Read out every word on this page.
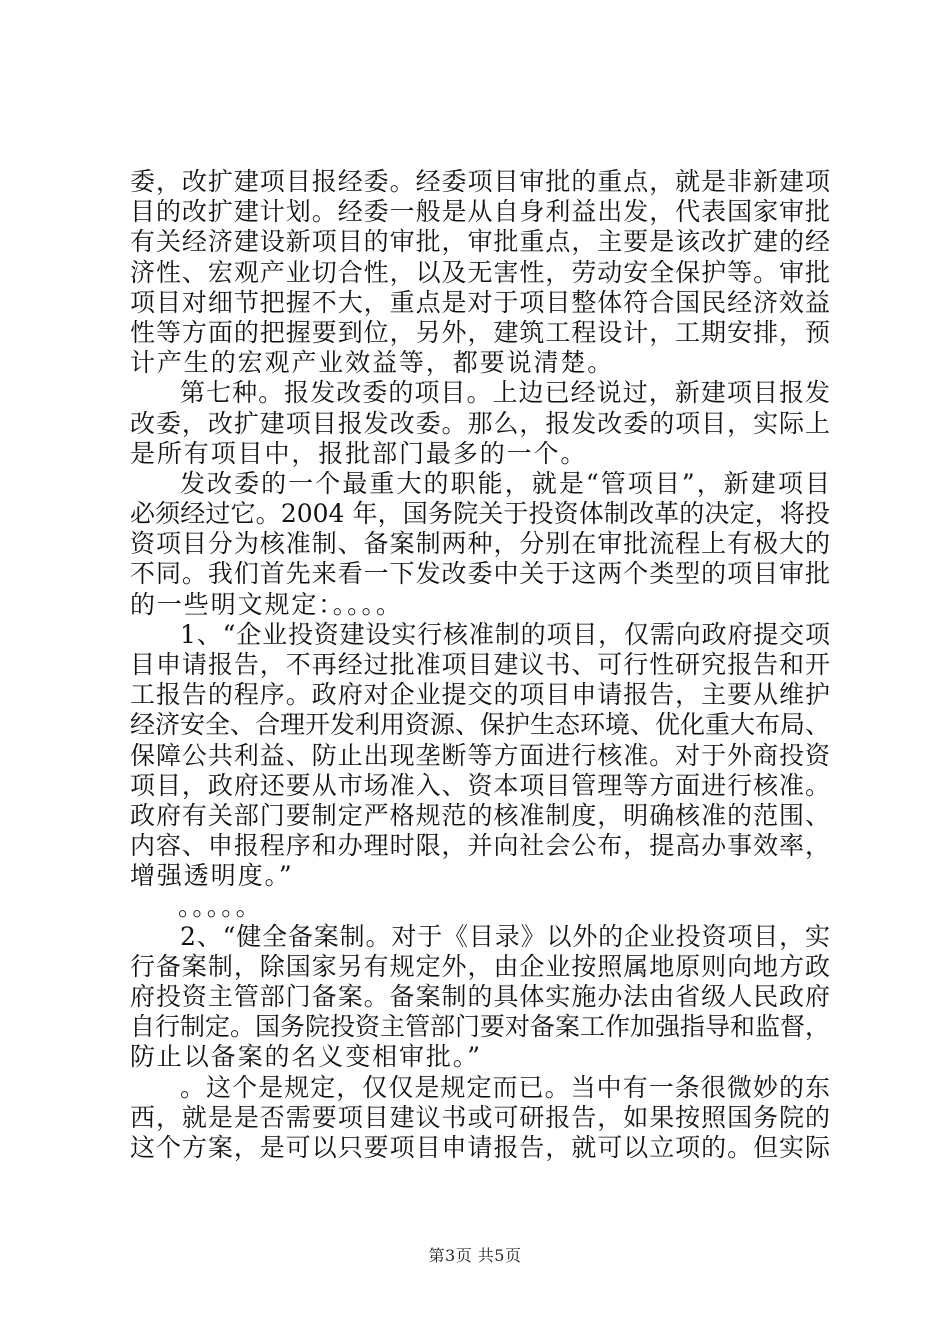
委，改扩建项目报经委。经委项目审批的重点，就是非新建项
目的改扩建计划。经委一般是从自身利益出发，代表国家审批
有关经济建设新项目的审批，审批重点，主要是该改扩建的经
济性、宏观产业切合性，以及无害性，劳动安全保护等。审批
项目对细节把握不大，重点是对于项目整体符合国民经济效益
性等方面的把握要到位，另外，建筑工程设计，工期安排，预
计产生的宏观产业效益等，都要说清楚。
第七种。报发改委的项目。上边已经说过，新建项目报发
改委，改扩建项目报发改委。那么，报发改委的项目，实际上
是所有项目中，报批部门最多的一个。
发改委的一个最重大的职能，就是“管项目”，新建项目
必须经过它。2004 年，国务院关于投资体制改革的决定，将投
资项目分为核准制、备案制两种，分别在审批流程上有极大的
不同。我们首先来看一下发改委中关于这两个类型的项目审批
的一些明文规定：。。。。
1、“企业投资建设实行核准制的项目，仅需向政府提交项
目申请报告，不再经过批准项目建议书、可行性研究报告和开
工报告的程序。政府对企业提交的项目申请报告，主要从维护
经济安全、合理开发利用资源、保护生态环境、优化重大布局、
保障公共利益、防止出现垄断等方面进行核准。对于外商投资
项目，政府还要从市场准入、资本项目管理等方面进行核准。
政府有关部门要制定严格规范的核准制度，明确核准的范围、
内容、申报程序和办理时限，并向社会公布，提高办事效率，
增强透明度。”
。。。。。
2、“健全备案制。对于《目录》以外的企业投资项目，实
行备案制，除国家另有规定外，由企业按照属地原则向地方政
府投资主管部门备案。备案制的具体实施办法由省级人民政府
自行制定。国务院投资主管部门要对备案工作加强指导和监督，
防止以备案的名义变相审批。”
。这个是规定，仅仅是规定而已。当中有一条很微妙的东
西，就是是否需要项目建议书或可研报告，如果按照国务院的
这个方案，是可以只要项目申请报告，就可以立项的。但实际
第3页 共5页
